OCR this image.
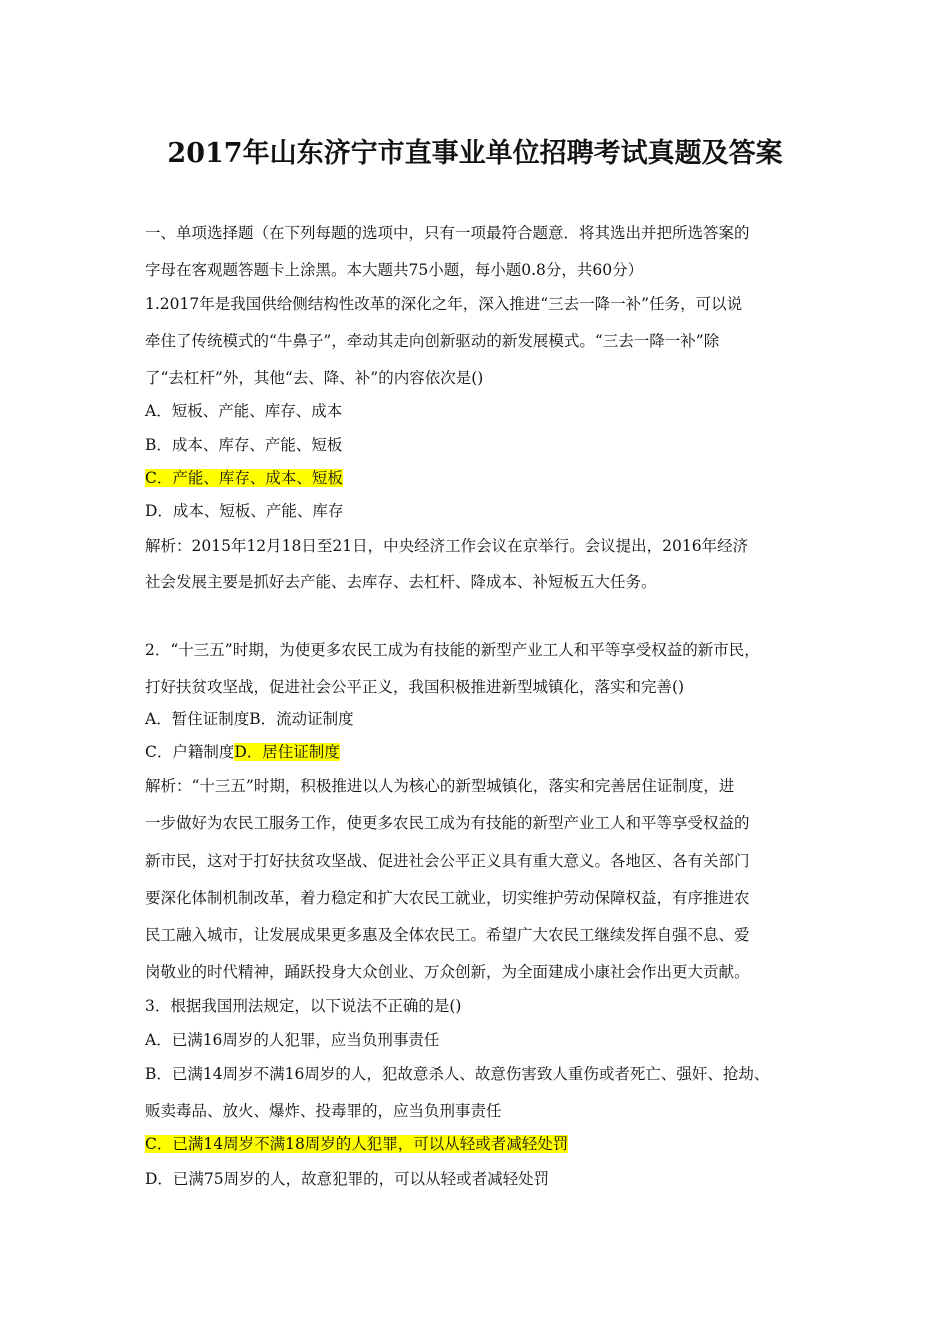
2017年山东济宁市直事业单位招聘考试真题及答案

一、单项选择题（在下列每题的选项中，只有一项最符合题意．将其选出并把所选答案的

字母在客观题答题卡上涂黑。本大题共75小题，每小题0.8分，共60分）

1.2017年是我国供给侧结构性改革的深化之年，深入推进“三去一降一补”任务，可以说

牵住了传统模式的“牛鼻子”，牵动其走向创新驱动的新发展模式。“三去一降一补”除

了“去杠杆”外，其他“去、降、补”的内容依次是()

A．短板、产能、库存、成本

B．成本、库存、产能、短板

C．产能、库存、成本、短板

D．成本、短板、产能、库存

解析：2015年12月18日至21日，中央经济工作会议在京举行。会议提出，2016年经济

社会发展主要是抓好去产能、去库存、去杠杆、降成本、补短板五大任务。

2．“十三五”时期，为使更多农民工成为有技能的新型产业工人和平等享受权益的新市民，

打好扶贫攻坚战，促进社会公平正义，我国积极推进新型城镇化，落实和完善()

A．暂住证制度B．流动证制度

C．户籍制度D．居住证制度

解析：“十三五”时期，积极推进以人为核心的新型城镇化，落实和完善居住证制度，进

一步做好为农民工服务工作，使更多农民工成为有技能的新型产业工人和平等享受权益的

新市民，这对于打好扶贫攻坚战、促进社会公平正义具有重大意义。各地区、各有关部门

要深化体制机制改革，着力稳定和扩大农民工就业，切实维护劳动保障权益，有序推进农

民工融入城市，让发展成果更多惠及全体农民工。希望广大农民工继续发挥自强不息、爱

岗敬业的时代精神，踊跃投身大众创业、万众创新，为全面建成小康社会作出更大贡献。

3．根据我国刑法规定，以下说法不正确的是()

A．已满16周岁的人犯罪，应当负刑事责任

B．已满14周岁不满16周岁的人，犯故意杀人、故意伤害致人重伤或者死亡、强奸、抢劫、

贩卖毒品、放火、爆炸、投毒罪的，应当负刑事责任

C．已满14周岁不满18周岁的人犯罪，可以从轻或者减轻处罚

D．已满75周岁的人，故意犯罪的，可以从轻或者减轻处罚
